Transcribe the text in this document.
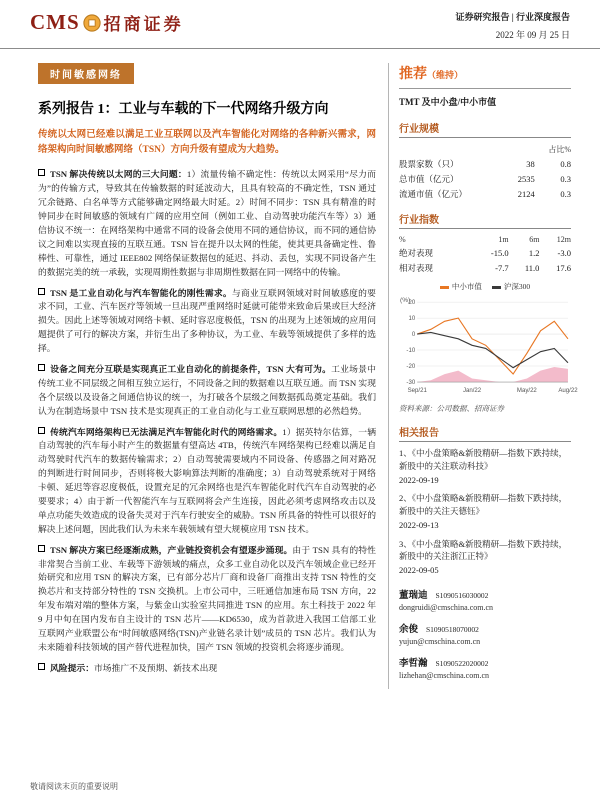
CMS 招商证券	证券研究报告 | 行业深度报告
2022 年 09 月 25 日
时间敏感网络
系列报告 1：工业与车载的下一代网络升级方向
传统以太网已经难以满足工业互联网以及汽车智能化对网络的各种新兴需求，网络架构向时间敏感网络（TSN）方向升级有望成为大趋势。
TSN 解决传统以太网的三大问题：1）流量传输不确定性：传统以太网采用“尽力而为”的传输方式，导致其在传输数据的时延波动大，且具有较高的不确定性，TSN 通过冗余链路、白名单等方式能够确定网络最大时延。2）时间不同步：TSN 具有精准的时钟同步在时间敏感的领域有广阔的应用空间（例如工业、自动驾驶功能汽车等）3）通信协议不统一：在网络架构中通常不同的设备会使用不同的通信协议，而不同的通信协议之间难以实现直接的互联互通。TSN 旨在提升以太网的性能，使其更具备确定性、鲁棒性、可靠性，通过 IEEE802 网络保证数据包的延迟、抖动、丢包，实现不同设备产生的数据完美的统一承载，实现周期性数据与非周期性数据在同一网络中的传输。
TSN 是工业自动化与汽车智能化的刚性需求。与商业互联网领域对时间敏感度的要求不同，工业、汽车医疗等领域一旦出现严重网络时延就可能带来致命后果或巨大经济损失。因此上述等领域对网络卡顿、延时容忍度极低，TSN 的出现为上述领域的应用问题提供了可行的解决方案，并衍生出了多种协议，为工业、车载等领域提供了多样的选择。
设备之间充分互联是实现真正工业自动化的前提条件，TSN 大有可为。工业场景中传统工业不同层级之间相互独立运行，不同设备之间的数据难以互联互通。而 TSN 实现各个层级以及设备之间通信协议的统一，为打破各个层级之间数据孤岛奠定基础。我们认为在制造场景中 TSN 技术是实现真正的工业自动化与工业互联网思想的必然趋势。
传统汽车网络架构已无法满足汽车智能化时代的网络需求。1）据英特尔估算，一辆自动驾驶的汽车每小时产生的数据量有望高达 4TB，传统汽车网络架构已经难以满足自动驾驶时代汽车的数据传输需求；2）自动驾驶需要域内不同设备、传感器之间对路况的判断进行时间同步，否则将极大影响算法判断的准确度；3）自动驾驶系统对于网络卡顿、延迟等容忍度极低，设置充足的冗余网络也是汽车智能化时代汽车自动驾驶的必要要求；4）由于新一代智能汽车与互联网将会产生连接，因此必须考虑网络攻击以及单点功能失效造成的设备失灵对于汽车行驶安全的威胁。TSN 所具备的特性可以很好的解决上述问题，因此我们认为未来车载领域有望大规模应用 TSN 技术。
TSN 解决方案已经逐渐成熟，产业链投资机会有望逐步涌现。由于 TSN 具有的特性非常契合当前工业、车载等下游领域的痛点，众多工业自动化以及汽车领域企业已经开始研究和应用 TSN 的解决方案，已有部分芯片厂商和设备厂商推出支持 TSN 特性的交换芯片和支持部分特性的 TSN 交换机。上市公司中，三旺通信加速布局 TSN 方向，22 年发布端对端的整体方案，与紫金山实验室共同推进 TSN 的应用。东土科技于 2022 年 9 月中旬在国内发布自主设计的 TSN 芯片——KD6530，成为首款进入我国工信部工业互联网产业联盟公布“时间敏感网络(TSN)产业链名录计划”成员的 TSN 芯片。我们认为未来随着科技领域的国产替代进程加快，国产 TSN 领域的投资机会将逐步涌现。
风险提示：市场推广不及预期、新技术出现
推荐（维持）
TMT 及中小盘/中小市值
行业规模
		占比%
股票家数（只）	38	0.8
总市值（亿元）	2535	0.3
流通市值（亿元）	2124	0.3
行业指数
%	1m	6m	12m
绝对表现	-15.0	1.2	-3.0
相对表现	-7.7	11.0	17.6
中小市值	沪深300
(%)
20
10
0
-10
-20
-30
Sep/21	Jan/22	May/22	Aug/22
资料来源：公司数据、招商证券
相关报告
1、《中小盘策略&新股精研—指数下跌持续，新股中的关注联动科技》
2022-09-19
2、《中小盘策略&新股精研—指数下跌持续，新股中的关注天德钰》
2022-09-13
3、《中小盘策略&新股精研—指数下跌持续，新股中的关注浙江正特》
2022-09-05
董瑞迪 S1090516030002
dongruidi@cmschina.com.cn
余俊 S1090518070002
yujun@cmschina.com.cn
李哲瀚 S1090522020002
lizhehan@cmschina.com.cn
敬请阅读末页的重要说明
